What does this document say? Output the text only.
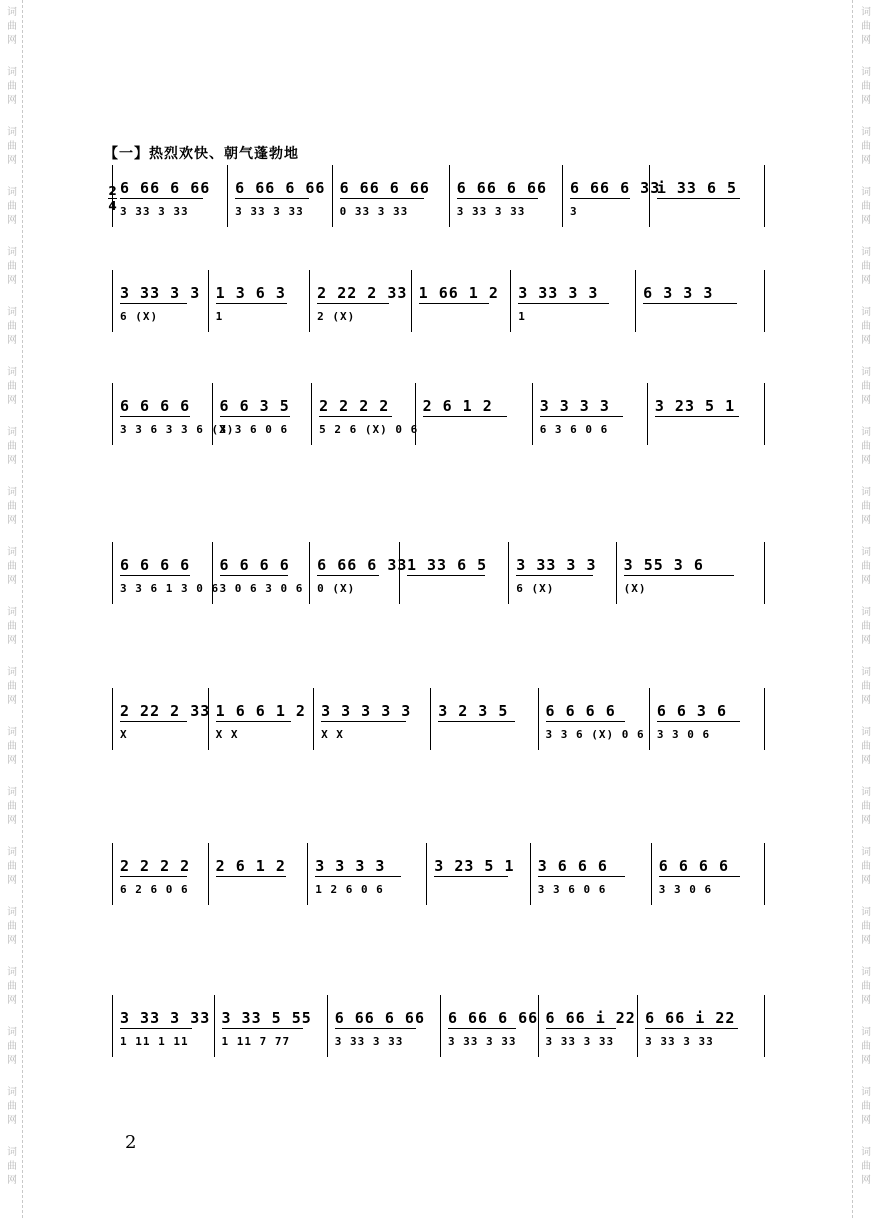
词
曲
网
词
曲
网
词
曲
网
词
曲
网
词
曲
网
词
曲
网
词
曲
网
词
曲
网
词
曲
网
词
曲
网
词
曲
网
词
曲
网
词
曲
网
词
曲
网
词
曲
网
词
曲
网
词
曲
网
词
曲
网
词
曲
网
词
曲
网
词
曲
网
词
曲
网
词
曲
网
词
曲
网
词
曲
网
词
曲
网
词
曲
网
词
曲
网
词
曲
网
词
曲
网
词
曲
网
词
曲
网
词
曲
网
词
曲
网
词
曲
网
词
曲
网
词
曲
网
词
曲
网
词
曲
网
词
曲
网
【一】热烈欢快、朝气蓬勃地
2
4
6 66 6 66
3 33 3 33
6 66 6 66
3 33 3 33
6 66 6 66
0 33 3 33
6 66 6 66
3 33 3 33
6 66 6 33
3
i 33 6 5
3 33 3 3
6 (X)
1 3 6 3
1
2 22 2 33
2 (X)
1 66 1 2	3 33 3 3
1
6 3 3 3
6 6 6 6
3 3 6 3 3 6 (X)
6 6 3 5
3 3 6 0 6
2 2 2 2
5 2 6 (X) 0 6
2 6 1 2	3 3 3 3
6 3 6 0 6
3 23 5 1
6 6 6 6
3 3 6 1 3 0 6
6 6 6 6
3 0 6 3 0 6
6 66 6 33
0 (X)
1 33 6 5	3 33 3 3
6 (X)
3 55 3 6
(X)
2 22 2 33
X
1 6 6 1 2
X X
3 3 3 3 3
X X
3 2 3 5	6 6 6 6
3 3 6 (X) 0 6
6 6 3 6
3 3 0 6
2 2 2 2
6 2 6 0 6
2 6 1 2	3 3 3 3
1 2 6 0 6
3 23 5 1	3 6 6 6
3 3 6 0 6
6 6 6 6
3 3 0 6
3 33 3 33
1 11 1 11
3 33 5 55
1 11 7 77
6 66 6 66
3 33 3 33
6 66 6 66
3 33 3 33
6 66 i 22
3 33 3 33
6 66 i 22
3 33 3 33
2
